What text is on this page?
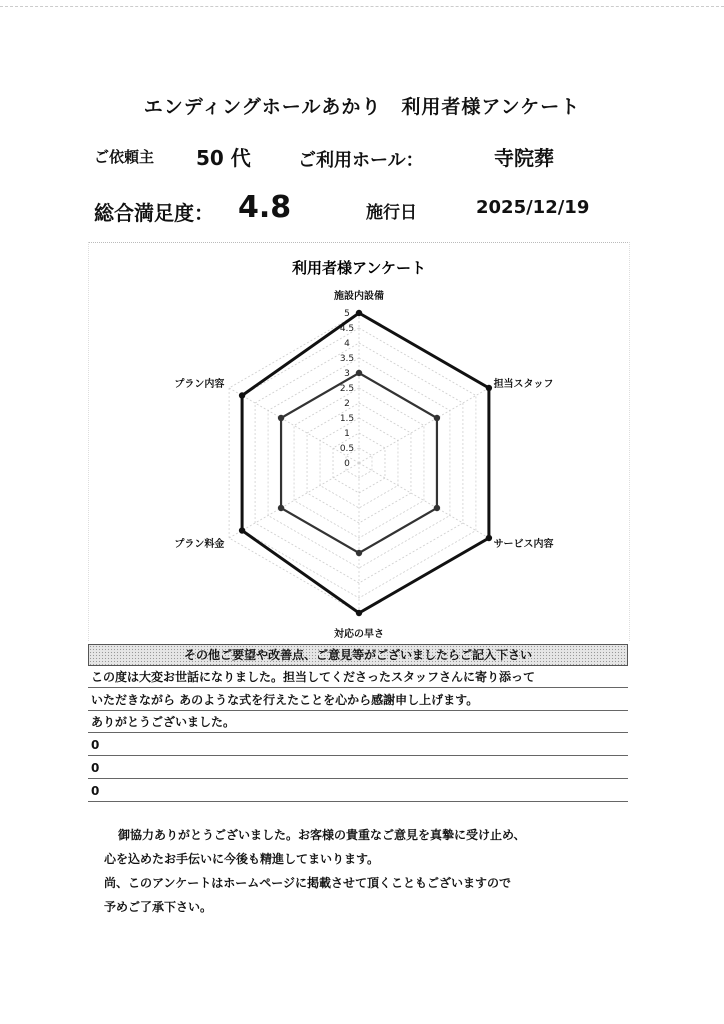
エンディングホールあかり　利用者様アンケート
ご依頼主 50 代	ご利用ホール：	寺院葬
総合満足度： 4.8	施行日	2025/12/19
利用者様アンケート
0
0.5
1
1.5
2
2.5
3
3.5
4
4.5
5
施設内設備
担当スタッフ
サービス内容
対応の早さ
プラン料金
プラン内容
その他ご要望や改善点、ご意見等がございましたらご記入下さい
この度は大変お世話になりました。担当してくださったスタッフさんに寄り添って
いただきながら あのような式を行えたことを心から感謝申し上げます。
ありがとうございました。
0
0
0
御協力ありがとうございました。お客様の貴重なご意見を真摯に受け止め、
心を込めたお手伝いに今後も精進してまいります。
尚、このアンケートはホームページに掲載させて頂くこともございますので
予めご了承下さい。
